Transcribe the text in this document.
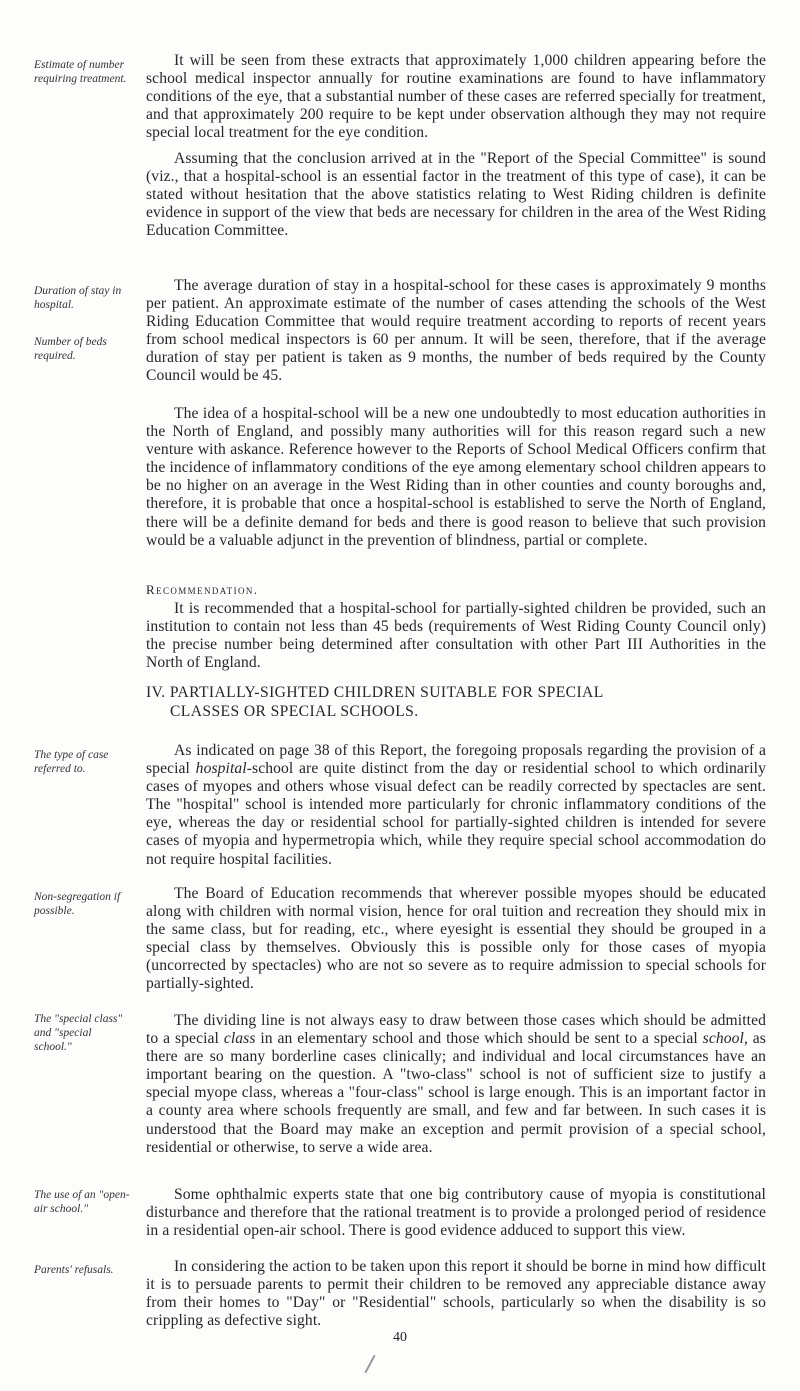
Estimate of number requiring treatment.

It will be seen from these extracts that approximately 1,000 children appearing before the school medical inspector annually for routine examinations are found to have inflammatory conditions of the eye, that a substantial number of these cases are referred specially for treatment, and that approximately 200 require to be kept under observation although they may not require special local treatment for the eye condition.

Assuming that the conclusion arrived at in the "Report of the Special Committee" is sound (viz., that a hospital-school is an essential factor in the treatment of this type of case), it can be stated without hesitation that the above statistics relating to West Riding children is definite evidence in support of the view that beds are necessary for children in the area of the West Riding Education Committee.

Duration of stay in hospital.
Number of beds required.

The average duration of stay in a hospital-school for these cases is approximately 9 months per patient. An approximate estimate of the number of cases attending the schools of the West Riding Education Committee that would require treatment according to reports of recent years from school medical inspectors is 60 per annum. It will be seen, therefore, that if the average duration of stay per patient is taken as 9 months, the number of beds required by the County Council would be 45.

The idea of a hospital-school will be a new one undoubtedly to most education authorities in the North of England, and possibly many authorities will for this reason regard such a new venture with askance. Reference however to the Reports of School Medical Officers confirm that the incidence of inflammatory conditions of the eye among elementary school children appears to be no higher on an average in the West Riding than in other counties and county boroughs and, therefore, it is probable that once a hospital-school is established to serve the North of England, there will be a definite demand for beds and there is good reason to believe that such provision would be a valuable adjunct in the prevention of blindness, partial or complete.

Recommendation.

It is recommended that a hospital-school for partially-sighted children be provided, such an institution to contain not less than 45 beds (requirements of West Riding County Council only) the precise number being determined after consultation with other Part III Authorities in the North of England.

IV. PARTIALLY-SIGHTED CHILDREN SUITABLE FOR SPECIAL
CLASSES OR SPECIAL SCHOOLS.
The type of case referred to.

As indicated on page 38 of this Report, the foregoing proposals regarding the provision of a special hospital-school are quite distinct from the day or residential school to which ordinarily cases of myopes and others whose visual defect can be readily corrected by spectacles are sent. The "hospital" school is intended more particularly for chronic inflammatory conditions of the eye, whereas the day or residential school for partially-sighted children is intended for severe cases of myopia and hypermetropia which, while they require special school accommodation do not require hospital facilities.

Non-segregation if possible.

The Board of Education recommends that wherever possible myopes should be educated along with children with normal vision, hence for oral tuition and recreation they should mix in the same class, but for reading, etc., where eyesight is essential they should be grouped in a special class by themselves. Obviously this is possible only for those cases of myopia (uncorrected by spectacles) who are not so severe as to require admission to special schools for partially-sighted.

The "special class" and "special school."

The dividing line is not always easy to draw between those cases which should be admitted to a special class in an elementary school and those which should be sent to a special school, as there are so many borderline cases clinically; and individual and local circumstances have an important bearing on the question. A "two-class" school is not of sufficient size to justify a special myope class, whereas a "four-class" school is large enough. This is an important factor in a county area where schools frequently are small, and few and far between. In such cases it is understood that the Board may make an exception and permit provision of a special school, residential or otherwise, to serve a wide area.

The use of an "open-air school."

Some ophthalmic experts state that one big contributory cause of myopia is constitutional disturbance and therefore that the rational treatment is to provide a prolonged period of residence in a residential open-air school. There is good evidence adduced to support this view.

Parents' refusals.	In considering the action to be taken upon this report it should be borne in mind how difficult it is to persuade parents to permit their children to be removed any appreciable distance away from their homes to "Day" or "Residential" schools, particularly so when the disability is so crippling as defective sight.

40
